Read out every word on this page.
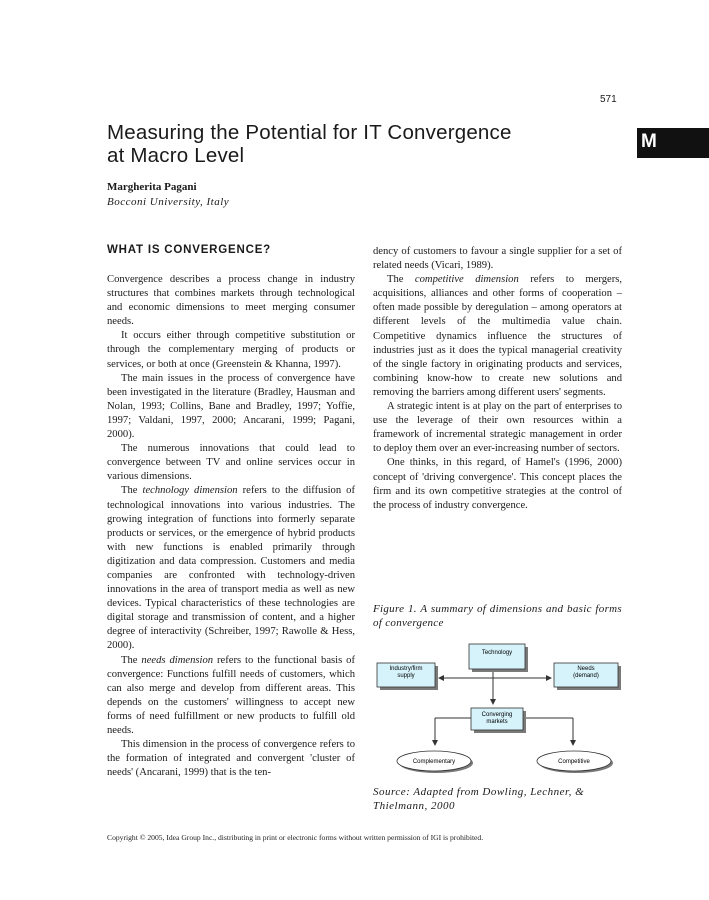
571
Measuring the Potential for IT Convergence
at Macro Level
M
Margherita Pagani
Bocconi University, Italy
WHAT IS CONVERGENCE?

Convergence describes a process change in industry structures that combines markets through technological and economic dimensions to meet merging consumer needs.

It occurs either through competitive substitution or through the complementary merging of products or services, or both at once (Greenstein & Khanna, 1997).

The main issues in the process of convergence have been investigated in the literature (Bradley, Hausman and Nolan, 1993; Collins, Bane and Bradley, 1997; Yoffie, 1997; Valdani, 1997, 2000; Ancarani, 1999; Pagani, 2000).

The numerous innovations that could lead to convergence between TV and online services occur in various dimensions.

The technology dimension refers to the diffusion of technological innovations into various industries. The growing integration of functions into formerly separate products or services, or the emergence of hybrid products with new functions is enabled primarily through digitization and data compression. Customers and media companies are confronted with technology-driven innovations in the area of transport media as well as new devices. Typical characteristics of these technologies are digital storage and transmission of content, and a higher degree of interactivity (Schreiber, 1997; Rawolle & Hess, 2000).

The needs dimension refers to the functional basis of convergence: Functions fulfill needs of customers, which can also merge and develop from different areas. This depends on the customers' willingness to accept new forms of need fulfillment or new products to fulfill old needs.

This dimension in the process of convergence refers to the formation of integrated and convergent 'cluster of needs' (Ancarani, 1999) that is the ten-

dency of customers to favour a single supplier for a set of related needs (Vicari, 1989).

The competitive dimension refers to mergers, acquisitions, alliances and other forms of cooperation – often made possible by deregulation – among operators at different levels of the multimedia value chain. Competitive dynamics influence the structures of industries just as it does the typical managerial creativity of the single factory in originating products and services, combining know-how to create new solutions and removing the barriers among different users' segments.

A strategic intent is at play on the part of enterprises to use the leverage of their own resources within a framework of incremental strategic management in order to deploy them over an ever-increasing number of sectors.

One thinks, in this regard, of Hamel's (1996, 2000) concept of 'driving convergence'. This concept places the firm and its own competitive strategies at the control of the process of industry convergence.

Figure 1. A summary of dimensions and basic forms of convergence
Technology
Industry/firm
supply
Needs
(demand)
Converging
markets
Complementary	Competitive
Source: Adapted from Dowling, Lechner, & Thielmann, 2000
Copyright © 2005, Idea Group Inc., distributing in print or electronic forms without written permission of IGI is prohibited.
